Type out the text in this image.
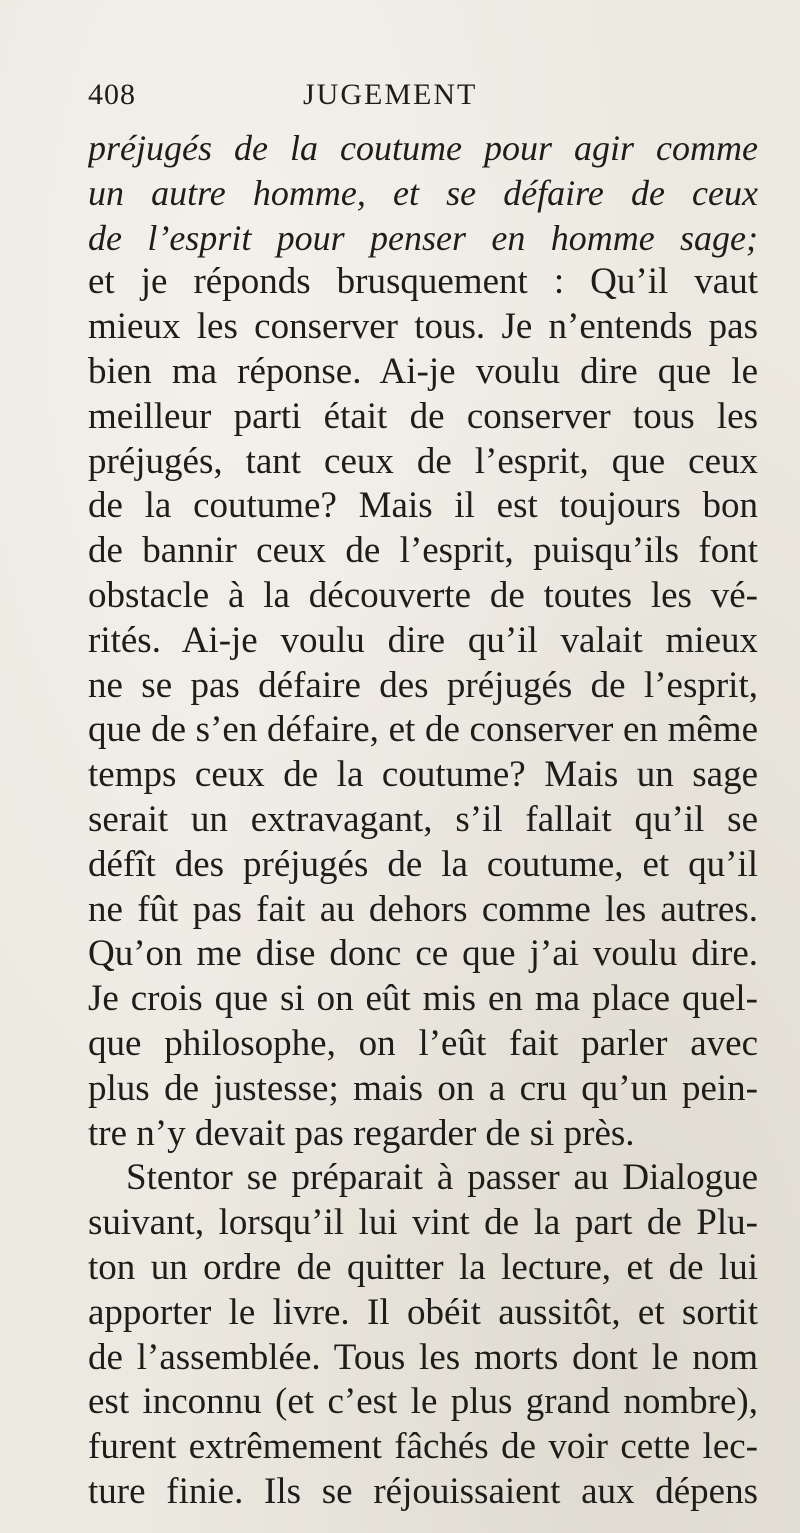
408	JUGEMENT
préjugés de la coutume pour agir comme
un autre homme, et se défaire de ceux
de l’esprit pour penser en homme sage;
et je réponds brusquement : Qu’il vaut
mieux les conserver tous. Je n’entends pas
bien ma réponse. Ai-je voulu dire que le
meilleur parti était de conserver tous les
préjugés, tant ceux de l’esprit, que ceux
de la coutume? Mais il est toujours bon
de bannir ceux de l’esprit, puisqu’ils font
obstacle à la découverte de toutes les vé-
rités. Ai-je voulu dire qu’il valait mieux
ne se pas défaire des préjugés de l’esprit,
que de s’en défaire, et de conserver en même
temps ceux de la coutume? Mais un sage
serait un extravagant, s’il fallait qu’il se
défît des préjugés de la coutume, et qu’il
ne fût pas fait au dehors comme les autres.
Qu’on me dise donc ce que j’ai voulu dire.
Je crois que si on eût mis en ma place quel-
que philosophe, on l’eût fait parler avec
plus de justesse; mais on a cru qu’un pein-
tre n’y devait pas regarder de si près.
Stentor se préparait à passer au Dialogue
suivant, lorsqu’il lui vint de la part de Plu-
ton un ordre de quitter la lecture, et de lui
apporter le livre. Il obéit aussitôt, et sortit
de l’assemblée. Tous les morts dont le nom
est inconnu (et c’est le plus grand nombre),
furent extrêmement fâchés de voir cette lec-
ture finie. Ils se réjouissaient aux dépens
